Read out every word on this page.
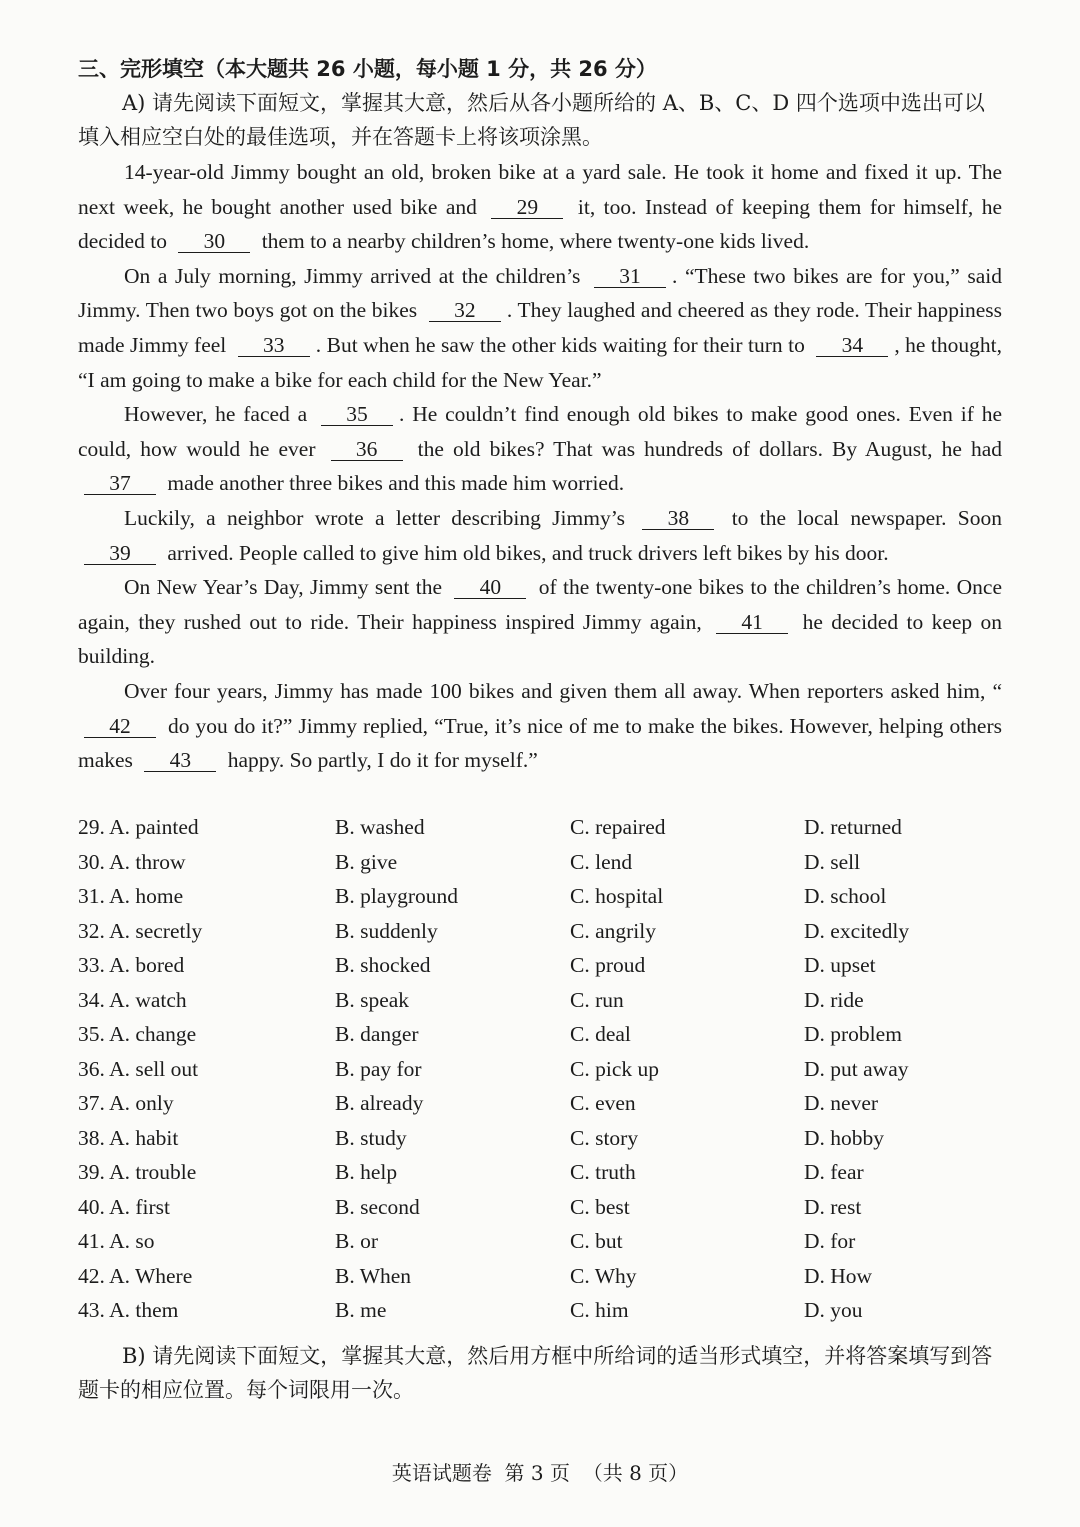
三、完形填空（本大题共 26 小题，每小题 1 分，共 26 分）

A) 请先阅读下面短文，掌握其大意，然后从各小题所给的 A、B、C、D 四个选项中选出可以填入相应空白处的最佳选项，并在答题卡上将该项涂黑。

14-year-old Jimmy bought an old, broken bike at a yard sale. He took it home and fixed it up. The next week, he bought another used bike and 29 it, too. Instead of keeping them for himself, he decided to 30 them to a nearby children’s home, where twenty-one kids lived.

On a July morning, Jimmy arrived at the children’s 31 . “These two bikes are for you,” said Jimmy. Then two boys got on the bikes 32 . They laughed and cheered as they rode. Their happiness made Jimmy feel 33 . But when he saw the other kids waiting for their turn to 34 , he thought, “I am going to make a bike for each child for the New Year.”

However, he faced a 35 . He couldn’t find enough old bikes to make good ones. Even if he could, how would he ever 36 the old bikes? That was hundreds of dollars. By August, he had 37 made another three bikes and this made him worried.

Luckily, a neighbor wrote a letter describing Jimmy’s 38 to the local newspaper. Soon 39 arrived. People called to give him old bikes, and truck drivers left bikes by his door.

On New Year’s Day, Jimmy sent the 40 of the twenty-one bikes to the children’s home. Once again, they rushed out to ride. Their happiness inspired Jimmy again, 41 he decided to keep on building.

Over four years, Jimmy has made 100 bikes and given them all away. When reporters asked him, “ 42 do you do it?” Jimmy replied, “True, it’s nice of me to make the bikes. However, helping others makes 43 happy. So partly, I do it for myself.”

29. A. painted	B. washed	C. repaired	D. returned
30. A. throw	B. give	C. lend	D. sell
31. A. home	B. playground	C. hospital	D. school
32. A. secretly	B. suddenly	C. angrily	D. excitedly
33. A. bored	B. shocked	C. proud	D. upset
34. A. watch	B. speak	C. run	D. ride
35. A. change	B. danger	C. deal	D. problem
36. A. sell out	B. pay for	C. pick up	D. put away
37. A. only	B. already	C. even	D. never
38. A. habit	B. study	C. story	D. hobby
39. A. trouble	B. help	C. truth	D. fear
40. A. first	B. second	C. best	D. rest
41. A. so	B. or	C. but	D. for
42. A. Where	B. When	C. Why	D. How
43. A. them	B. me	C. him	D. you

B) 请先阅读下面短文，掌握其大意，然后用方框中所给词的适当形式填空，并将答案填写到答题卡的相应位置。每个词限用一次。

英语试题卷  第 3 页  （共 8 页）
